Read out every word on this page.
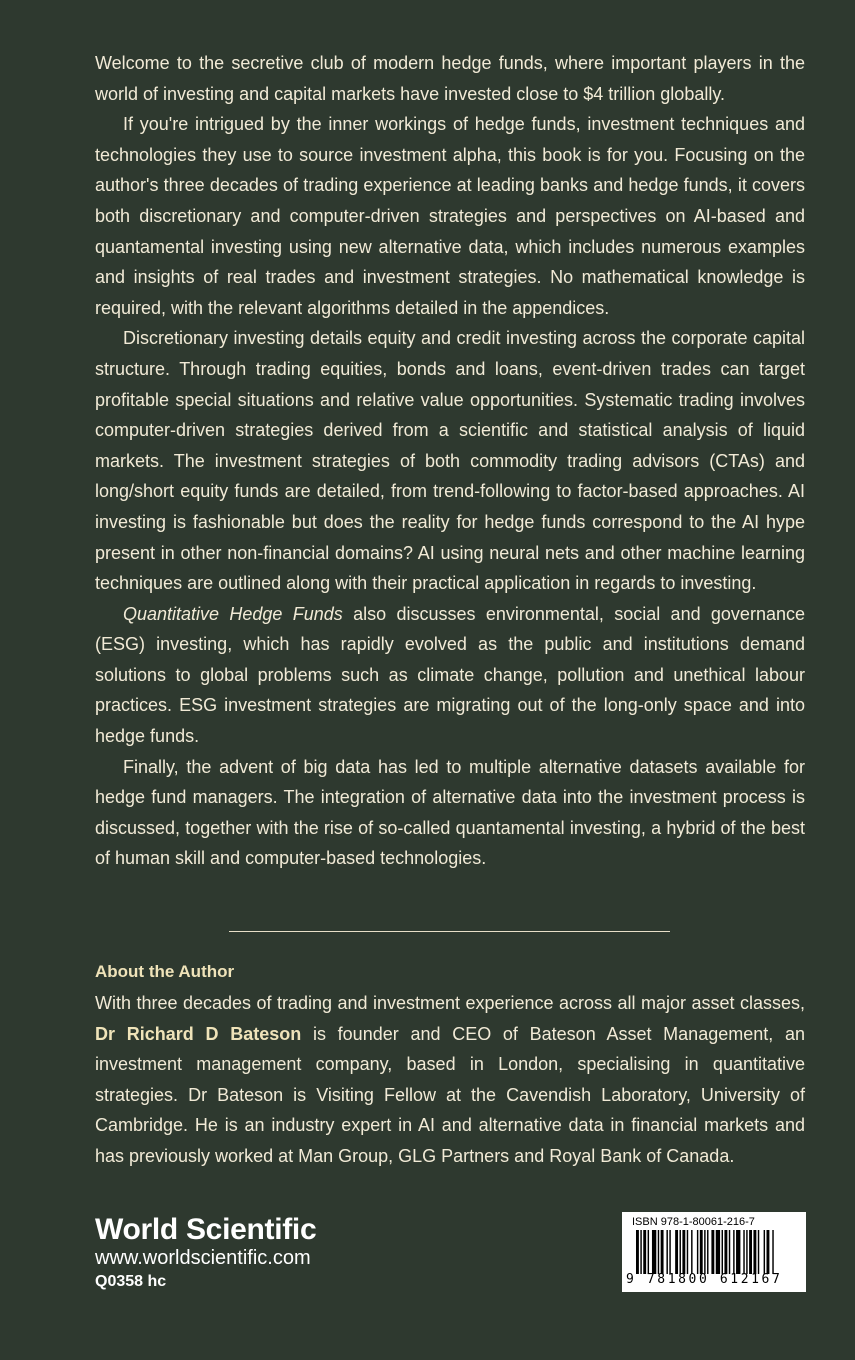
Welcome to the secretive club of modern hedge funds, where important players in the world of investing and capital markets have invested close to $4 trillion globally.

If you're intrigued by the inner workings of hedge funds, investment techniques and technologies they use to source investment alpha, this book is for you. Focusing on the author's three decades of trading experience at leading banks and hedge funds, it covers both discretionary and computer-driven strategies and perspectives on AI-based and quantamental investing using new alternative data, which includes numerous examples and insights of real trades and investment strategies. No mathematical knowledge is required, with the relevant algorithms detailed in the appendices.

Discretionary investing details equity and credit investing across the corporate capital structure. Through trading equities, bonds and loans, event-driven trades can target profitable special situations and relative value opportunities. Systematic trading involves computer-driven strategies derived from a scientific and statistical analysis of liquid markets. The investment strategies of both commodity trading advisors (CTAs) and long/short equity funds are detailed, from trend-following to factor-based approaches. AI investing is fashionable but does the reality for hedge funds correspond to the AI hype present in other non-financial domains? AI using neural nets and other machine learning techniques are outlined along with their practical application in regards to investing.

Quantitative Hedge Funds also discusses environmental, social and governance (ESG) investing, which has rapidly evolved as the public and institutions demand solutions to global problems such as climate change, pollution and unethical labour practices. ESG investment strategies are migrating out of the long-only space and into hedge funds.

Finally, the advent of big data has led to multiple alternative datasets available for hedge fund managers. The integration of alternative data into the investment process is discussed, together with the rise of so-called quantamental investing, a hybrid of the best of human skill and computer-based technologies.

About the Author

With three decades of trading and investment experience across all major asset classes, Dr Richard D Bateson is founder and CEO of Bateson Asset Management, an investment management company, based in London, specialising in quantitative strategies. Dr Bateson is Visiting Fellow at the Cavendish Laboratory, University of Cambridge. He is an industry expert in AI and alternative data in financial markets and has previously worked at Man Group, GLG Partners and Royal Bank of Canada.

World Scientific
www.worldscientific.com
Q0358 hc
ISBN 978-1-80061-216-7
9 781800 612167
